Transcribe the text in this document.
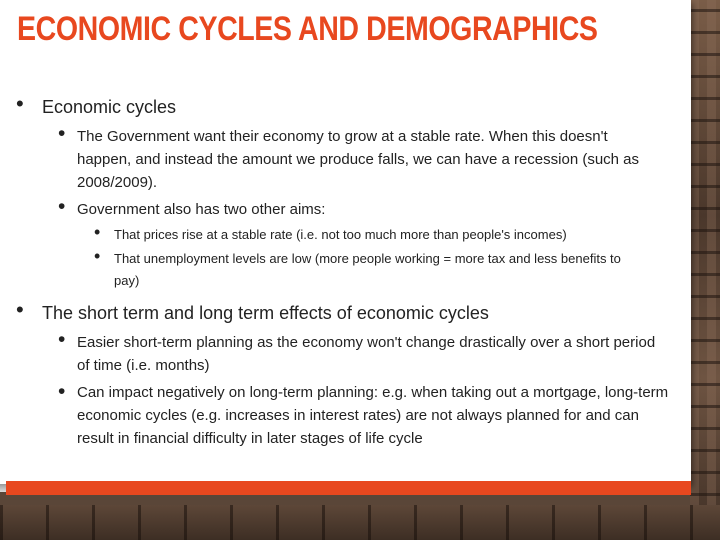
ECONOMIC CYCLES AND DEMOGRAPHICS
• Economic cycles
• The Government want their economy to grow at a stable rate. When this doesn't happen, and instead the amount we produce falls, we can have a recession (such as 2008/2009).
• Government also has two other aims:
• That prices rise at a stable rate (i.e. not too much more than people's incomes)
• That unemployment levels are low (more people working = more tax and less benefits to pay)
• The short term and long term effects of economic cycles
• Easier short-term planning as the economy won't change drastically over a short period of time (i.e. months)
• Can impact negatively on long-term planning: e.g. when taking out a mortgage, long-term economic cycles (e.g. increases in interest rates) are not always planned for and can result in financial difficulty in later stages of life cycle
